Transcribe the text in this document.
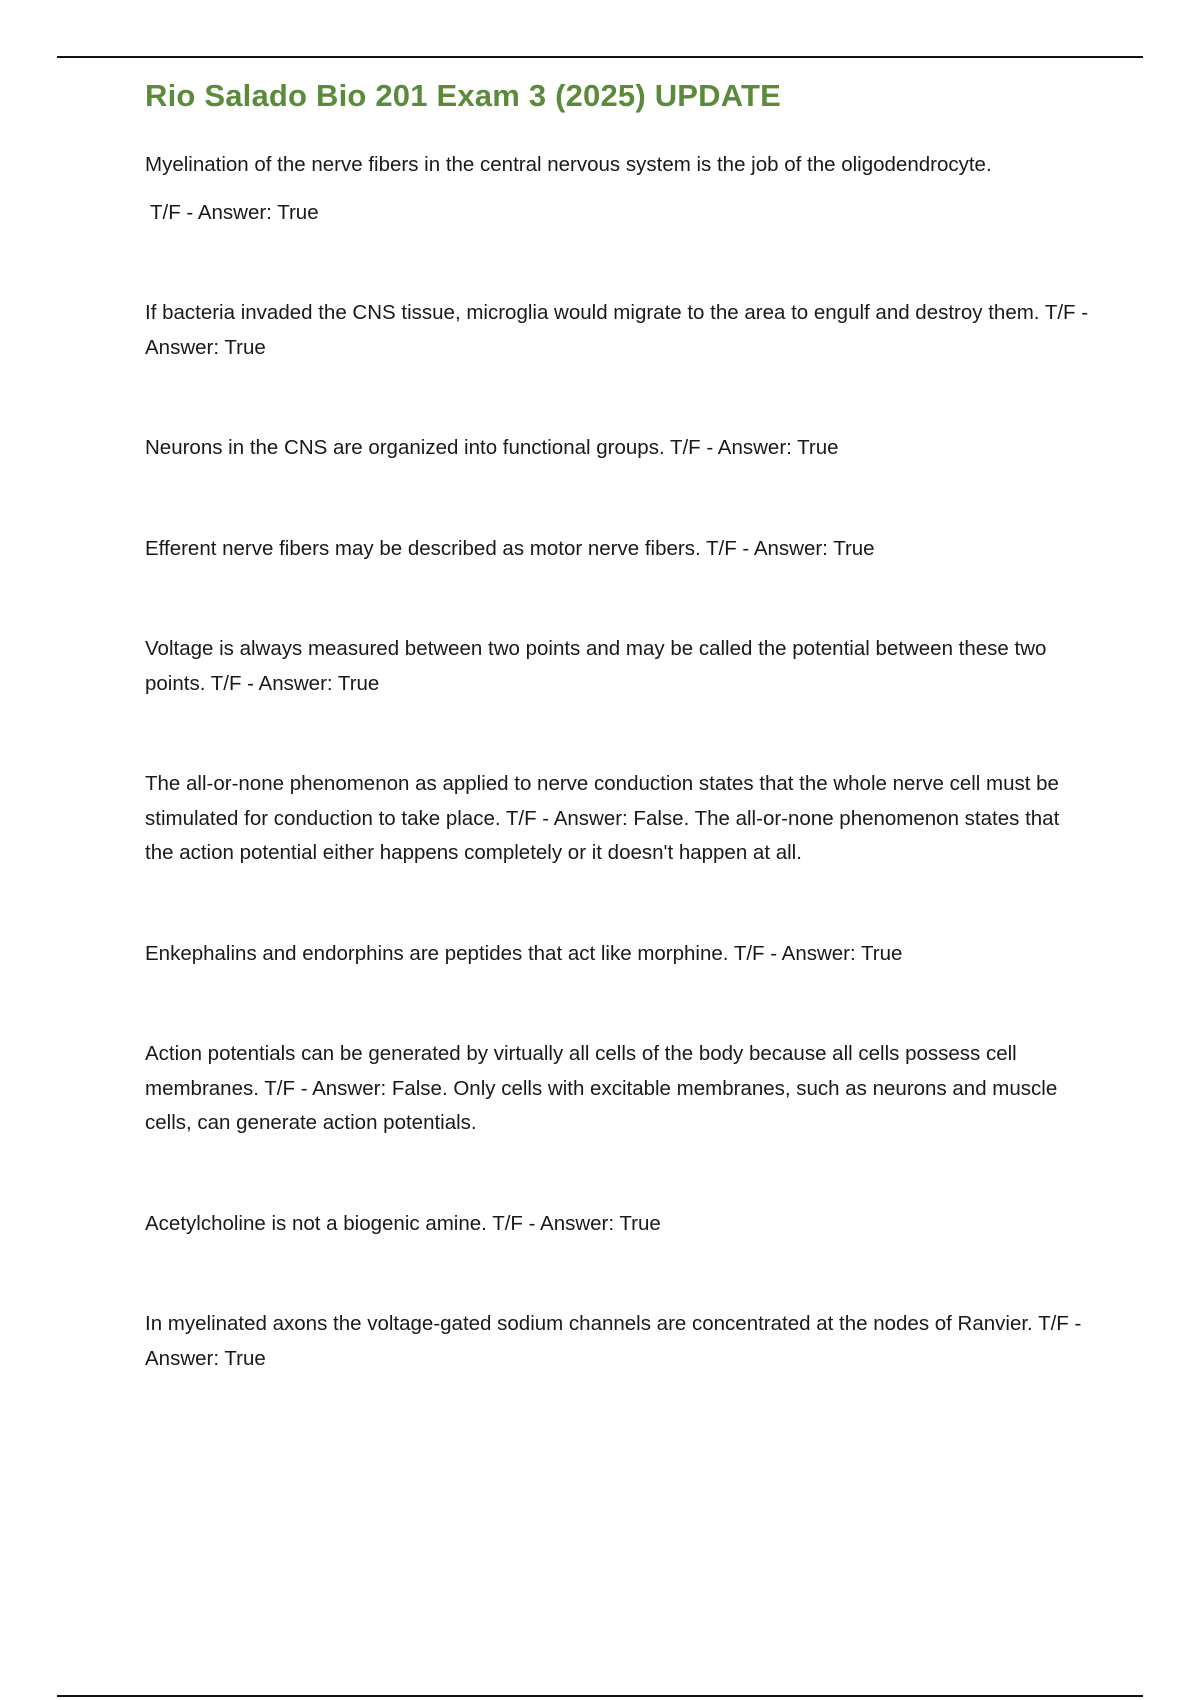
Rio Salado Bio 201 Exam 3 (2025) UPDATE

Myelination of the nerve fibers in the central nervous system is the job of the oligodendrocyte.
T/F - Answer: True

If bacteria invaded the CNS tissue, microglia would migrate to the area to engulf and destroy them. T/F - Answer: True

Neurons in the CNS are organized into functional groups. T/F - Answer: True

Efferent nerve fibers may be described as motor nerve fibers. T/F - Answer: True

Voltage is always measured between two points and may be called the potential between these two points. T/F - Answer: True

The all-or-none phenomenon as applied to nerve conduction states that the whole nerve cell must be stimulated for conduction to take place. T/F - Answer: False. The all-or-none phenomenon states that the action potential either happens completely or it doesn't happen at all.

Enkephalins and endorphins are peptides that act like morphine. T/F - Answer: True

Action potentials can be generated by virtually all cells of the body because all cells possess cell membranes. T/F - Answer: False. Only cells with excitable membranes, such as neurons and muscle cells, can generate action potentials.

Acetylcholine is not a biogenic amine. T/F - Answer: True

In myelinated axons the voltage-gated sodium channels are concentrated at the nodes of Ranvier. T/F - Answer: True
